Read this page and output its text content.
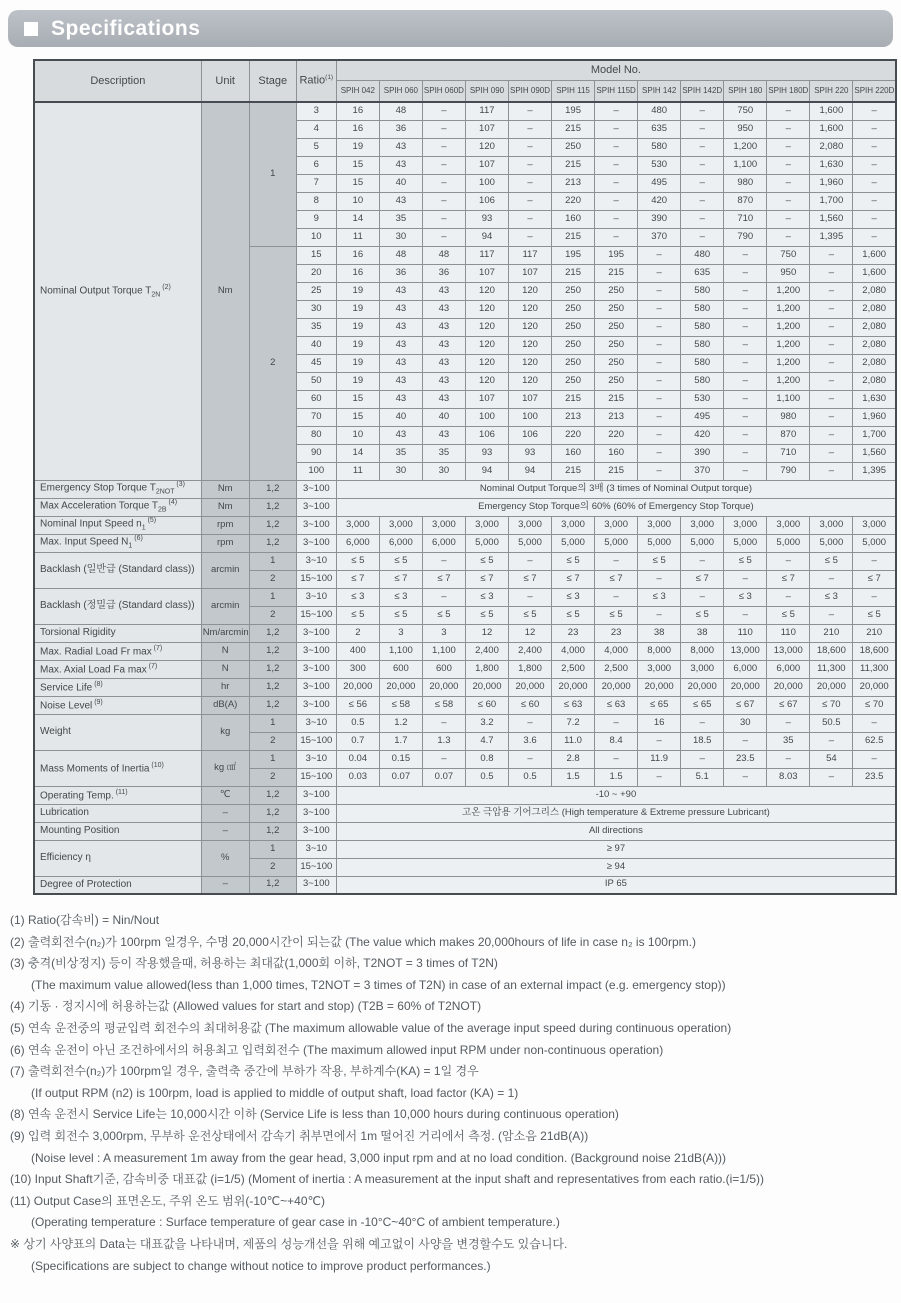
Specifications
Description	Unit	Stage	Ratio$^{(1)}$	Model No.												
				SPIH 042	SPIH 060	SPIH 060D	SPIH 090	SPIH 090D	SPIH 115	SPIH 115D	SPIH 142	SPIH 142D	SPIH 180	SPIH 180D	SPIH 220	SPIH 220D
Nominal Output Torque $T_{2N}$ $^{(2)}$	Nm	1	3	16	48	–	117	–	195	–	480	–	750	–	1,600	–
			4	16	36	–	107	–	215	–	635	–	950	–	1,600	–
			5	19	43	–	120	–	250	–	580	–	1,200	–	2,080	–
			6	15	43	–	107	–	215	–	530	–	1,100	–	1,630	–
			7	15	40	–	100	–	213	–	495	–	980	–	1,960	–
			8	10	43	–	106	–	220	–	420	–	870	–	1,700	–
			9	14	35	–	93	–	160	–	390	–	710	–	1,560	–
			10	11	30	–	94	–	215	–	370	–	790	–	1,395	–
		2	15	16	48	48	117	117	195	195	–	480	–	750	–	1,600
			20	16	36	36	107	107	215	215	–	635	–	950	–	1,600
			25	19	43	43	120	120	250	250	–	580	–	1,200	–	2,080
			30	19	43	43	120	120	250	250	–	580	–	1,200	–	2,080
			35	19	43	43	120	120	250	250	–	580	–	1,200	–	2,080
			40	19	43	43	120	120	250	250	–	580	–	1,200	–	2,080
			45	19	43	43	120	120	250	250	–	580	–	1,200	–	2,080
			50	19	43	43	120	120	250	250	–	580	–	1,200	–	2,080
			60	15	43	43	107	107	215	215	–	530	–	1,100	–	1,630
			70	15	40	40	100	100	213	213	–	495	–	980	–	1,960
			80	10	43	43	106	106	220	220	–	420	–	870	–	1,700
			90	14	35	35	93	93	160	160	–	390	–	710	–	1,560
			100	11	30	30	94	94	215	215	–	370	–	790	–	1,395
Emergency Stop Torque $T_{2NOT}$ $^{(3)}$	Nm	1,2	3~100	Nominal Output Torque의 3배 (3 times of Nominal Output torque)												
Max Acceleration Torque $T_{2B}$ $^{(4)}$	Nm	1,2	3~100	Emergency Stop Torque의 60% (60% of Emergency Stop Torque)												
Nominal Input Speed $n_1$ $^{(5)}$	rpm	1,2	3~100	3,000	3,000	3,000	3,000	3,000	3,000	3,000	3,000	3,000	3,000	3,000	3,000	3,000
Max. Input Speed $N_1$ $^{(6)}$	rpm	1,2	3~100	6,000	6,000	6,000	5,000	5,000	5,000	5,000	5,000	5,000	5,000	5,000	5,000	5,000
Backlash (일반급 (Standard class))	arcmin	1	3~10	≤ 5	≤ 5	–	≤ 5	–	≤ 5	–	≤ 5	–	≤ 5	–	≤ 5	–
		2	15~100	≤ 7	≤ 7	≤ 7	≤ 7	≤ 7	≤ 7	≤ 7	–	≤ 7	–	≤ 7	–	≤ 7
Backlash (정밀급 (Standard class))	arcmin	1	3~10	≤ 3	≤ 3	–	≤ 3	–	≤ 3	–	≤ 3	–	≤ 3	–	≤ 3	–
		2	15~100	≤ 5	≤ 5	≤ 5	≤ 5	≤ 5	≤ 5	≤ 5	–	≤ 5	–	≤ 5	–	≤ 5
Torsional Rigidity	Nm/arcmin	1,2	3~100	2	3	3	12	12	23	23	38	38	110	110	210	210
Max. Radial Load Fr max $^{(7)}$	N	1,2	3~100	400	1,100	1,100	2,400	2,400	4,000	4,000	8,000	8,000	13,000	13,000	18,600	18,600
Max. Axial Load Fa max $^{(7)}$	N	1,2	3~100	300	600	600	1,800	1,800	2,500	2,500	3,000	3,000	6,000	6,000	11,300	11,300
Service Life $^{(8)}$	hr	1,2	3~100	20,000	20,000	20,000	20,000	20,000	20,000	20,000	20,000	20,000	20,000	20,000	20,000	20,000
Noise Level $^{(9)}$	dB(A)	1,2	3~100	≤ 56	≤ 58	≤ 58	≤ 60	≤ 60	≤ 63	≤ 63	≤ 65	≤ 65	≤ 67	≤ 67	≤ 70	≤ 70
Weight	kg	1	3~10	0.5	1.2	–	3.2	–	7.2	–	16	–	30	–	50.5	–
		2	15~100	0.7	1.7	1.3	4.7	3.6	11.0	8.4	–	18.5	–	35	–	62.5
Mass Moments of Inertia $^{(10)}$	kg ㎠	1	3~10	0.04	0.15	–	0.8	–	2.8	–	11.9	–	23.5	–	54	–
		2	15~100	0.03	0.07	0.07	0.5	0.5	1.5	1.5	–	5.1	–	8.03	–	23.5
Operating Temp. $^{(11)}$	℃	1,2	3~100	-10 ~ +90												
Lubrication	–	1,2	3~100	고온 극압용 기어그리스 (High temperature & Extreme pressure Lubricant)												
Mounting Position	–	1,2	3~100	All directions												
Efficiency η	%	1	3~10	≥ 97												
		2	15~100	≥ 94												
Degree of Protection	–	1,2	3~100	IP 65												
(1) Ratio(감속비) = Nin/Nout
(2) 출력회전수(n₂)가 100rpm 일경우, 수명 20,000시간이 되는값 (The value which makes 20,000hours of life in case n₂ is 100rpm.)
(3) 충격(비상정지) 등이 작용했을때, 허용하는 최대값(1,000회 이하, T2NOT = 3 times of T2N)
(The maximum value allowed(less than 1,000 times, T2NOT = 3 times of T2N) in case of an external impact (e.g. emergency stop))
(4) 기동 · 정지시에 허용하는값 (Allowed values for start and stop) (T2B = 60% of T2NOT)
(5) 연속 운전중의 평균입력 회전수의 최대허용값 (The maximum allowable value of the average input speed during continuous operation)
(6) 연속 운전이 아닌 조건하에서의 허용최고 입력회전수 (The maximum allowed input RPM under non-continuous operation)
(7) 출력회전수(n₂)가 100rpm일 경우, 출력축 중간에 부하가 작용, 부하계수(KA) = 1일 경우
(If output RPM (n2) is 100rpm, load is applied to middle of output shaft, load factor (KA) = 1)
(8) 연속 운전시 Service Life는 10,000시간 이하 (Service Life is less than 10,000 hours during continuous operation)
(9) 입력 회전수 3,000rpm, 무부하 운전상태에서 감속기 취부면에서 1m 떨어진 거리에서 측정. (암소음 21dB(A))
(Noise level : A measurement 1m away from the gear head, 3,000 input rpm and at no load condition. (Background noise 21dB(A)))
(10) Input Shaft기준, 감속비중 대표값 (i=1/5) (Moment of inertia : A measurement at the input shaft and representatives from each ratio.(i=1/5))
(11) Output Case의 표면온도, 주위 온도 범위(-10℃~+40℃)
(Operating temperature : Surface temperature of gear case in -10°C~40°C of ambient temperature.)
※ 상기 사양표의 Data는 대표값을 나타내며, 제품의 성능개선을 위해 예고없이 사양을 변경할수도 있습니다.
(Specifications are subject to change without notice to improve product performances.)
